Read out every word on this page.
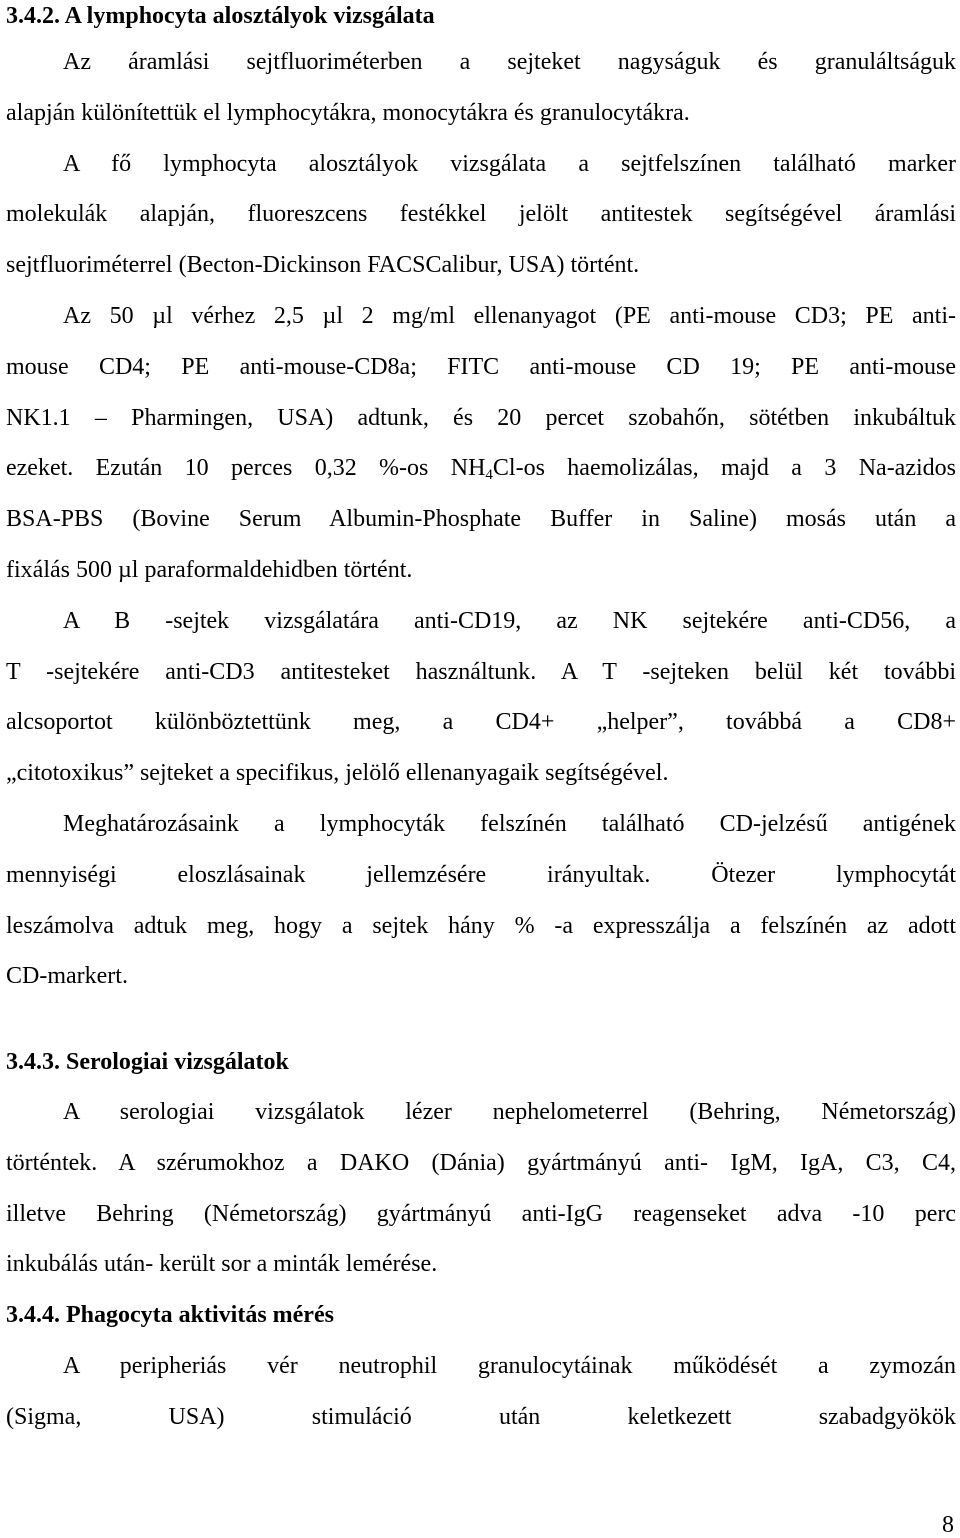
3.4.2. A lymphocyta alosztályok vizsgálata
Az áramlási sejtfluoriméterben a sejteket nagyságuk és granuláltságuk
alapján különítettük el lymphocytákra, monocytákra és granulocytákra.
A fő lymphocyta alosztályok vizsgálata a sejtfelszínen található marker
molekulák alapján, fluoreszcens festékkel jelölt antitestek segítségével áramlási
sejtfluoriméterrel (Becton-Dickinson FACSCalibur, USA) történt.
Az 50 µl vérhez 2,5 µl 2 mg/ml ellenanyagot (PE anti-mouse CD3; PE anti-
mouse CD4; PE anti-mouse-CD8a; FITC anti-mouse CD 19; PE anti-mouse
NK1.1 – Pharmingen, USA) adtunk, és 20 percet szobahőn, sötétben inkubáltuk
ezeket. Ezután 10 perces 0,32 %-os $NH_4Cl-os$ haemolizálas, majd a 3 Na-azidos
BSA-PBS (Bovine Serum Albumin-Phosphate Buffer in Saline) mosás után a
fixálás 500 µl paraformaldehidben történt.
A B -sejtek vizsgálatára anti-CD19, az NK sejtekére anti-CD56, a
T -sejtekére anti-CD3 antitesteket használtunk. A T -sejteken belül két további
alcsoportot különböztettünk meg, a CD4+ „helper”, továbbá a CD8+
„citotoxikus” sejteket a specifikus, jelölő ellenanyagaik segítségével.
Meghatározásaink a lymphocyták felszínén található CD-jelzésű antigének
mennyiségi eloszlásainak jellemzésére irányultak. Ötezer lymphocytát
leszámolva adtuk meg, hogy a sejtek hány % -a expresszálja a felszínén az adott
CD-markert.
3.4.3. Serologiai vizsgálatok
A serologiai vizsgálatok lézer nephelometerrel (Behring, Németország)
történtek. A szérumokhoz a DAKO (Dánia) gyártmányú anti- IgM, IgA, C3, C4,
illetve Behring (Németország) gyártmányú anti-IgG reagenseket adva -10 perc
inkubálás után- került sor a minták lemérése.
3.4.4. Phagocyta aktivitás mérés
A peripheriás vér neutrophil granulocytáinak működését a zymozán
(Sigma,	USA)	stimuláció	után	keletkezett	szabadgyökök
8
